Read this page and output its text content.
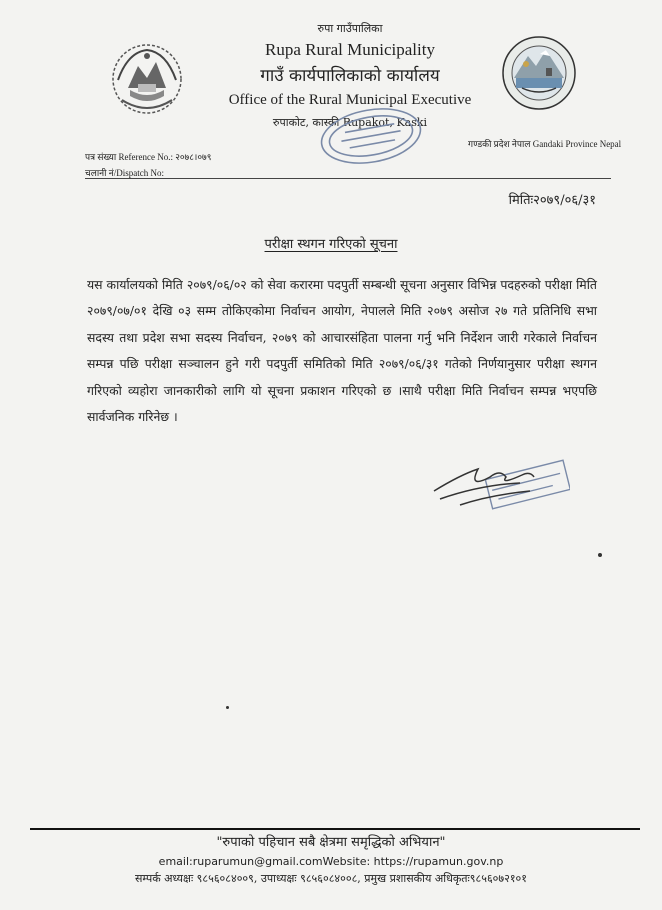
रुपा गाउँपालिका
Rupa Rural Municipality
गाउँ कार्यपालिकाको कार्यालय
Office of the Rural Municipal Executive
रुपाकोट, कास्की Rupakot, Kaski
गण्डकी प्रदेश नेपाल Gandaki Province Nepal
पत्र संख्या Reference No.: २०७८।०७९
चलानी नं/Dispatch No:
मितिः२०७९/०६/३१
परीक्षा स्थगन गरिएको सूचना
यस कार्यालयको मिति २०७९/०६/०२ को सेवा करारमा पदपुर्ती सम्बन्धी सूचना अनुसार विभिन्न पदहरुको परीक्षा मिति २०७९/०७/०१ देखि ०३ सम्म तोकिएकोमा निर्वाचन आयोग, नेपालले मिति २०७९ असोज २७ गते प्रतिनिधि सभा सदस्य तथा प्रदेश सभा सदस्य निर्वाचन, २०७९ को आचारसंहिता पालना गर्नु भनि निर्देशन जारी गरेकाले निर्वाचन सम्पन्न पछि परीक्षा सञ्चालन हुने गरी पदपुर्ती समितिको मिति २०७९/०६/३१ गतेको निर्णयानुसार परीक्षा स्थगन गरिएको व्यहोरा जानकारीको लागि यो सूचना प्रकाशन गरिएको छ ।साथै परीक्षा मिति निर्वाचन सम्पन्न भएपछि सार्वजनिक गरिनेछ ।
"रुपाको पहिचान सबै क्षेत्रमा समृद्धिको अभियान"
email:ruparumun@gmail.comWebsite: https://rupamun.gov.np
सम्पर्क अध्यक्षः ९८५६०८४००९, उपाध्यक्षः ९८५६०८४००८, प्रमुख प्रशासकीय अधिकृतः९८५६०७२१०१
